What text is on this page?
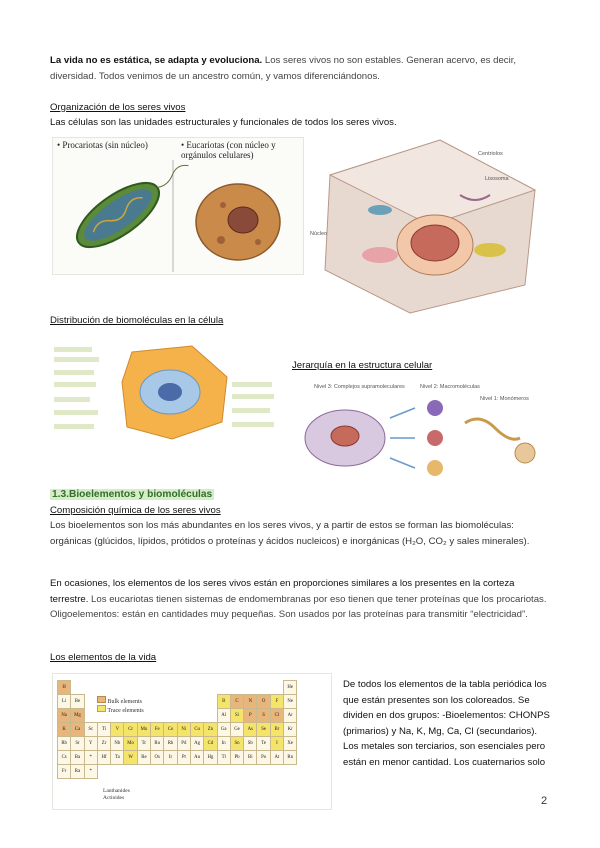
La vida no es estática, se adapta y evoluciona. Los seres vivos no son estables. Generan acervo, es decir, diversidad. Todos venimos de un ancestro común, y vamos diferenciándonos.
Organización de los seres vivos
Las células son las unidades estructurales y funcionales de todos los seres vivos.
• Procariotas (sin núcleo)	• Eucariotas (con núcleo y orgánulos celulares)	Centriolos
Lisosoma
Núcleo
Distribución de biomoléculas en la célula
Jerarquía en la estructura celular
Nivel 3: Complejos supramoleculares	Nivel 2: Macromoléculas
Nivel 1: Monómeros
1.3.Bioelementos y biomoléculas
Composición química de los seres vivos
Los bioelementos son los más abundantes en los seres vivos, y a partir de estos se forman las biomoléculas: orgánicas (glúcidos, lípidos, prótidos o proteínas y ácidos nucleicos) e inorgánicas (H₂O, CO₂ y sales minerales).
En ocasiones, los elementos de los seres vivos están en proporciones similares a los presentes en la corteza terrestre. Los eucariotas tienen sistemas de endomembranas por eso tienen que tener proteínas que los procariotas. Oligoelementos: están en cantidades muy pequeñas. Son usados por las proteínas para transmitir “electricidad”.
Los elementos de la vida
H																	He
Li	Be											B	C	N	O	F	Ne
Na	Mg											Al	Si	P	S	Cl	Ar
K	Ca	Sc	Ti	V	Cr	Mn	Fe	Co	Ni	Cu	Zn	Ga	Ge	As	Se	Br	Kr
Rb	Sr	Y	Zr	Nb	Mo	Tc	Ru	Rh	Pd	Ag	Cd	In	Sn	Sb	Te	I	Xe
Cs	Ba	*	Hf	Ta	W	Re	Os	Ir	Pt	Au	Hg	Tl	Pb	Bi	Po	At	Rn
Fr	Ra	*															
Bulk elements
Trace elements
Lanthanides
Actinides
De todos los elementos de la tabla periódica los que están presentes son los coloreados. Se dividen en dos grupos: -Bioelementos: CHONPS (primarios) y Na, K, Mg, Ca, Cl (secundarios). Los metales son terciarios, son esenciales pero están en menor cantidad. Los cuaternarios solo
2
